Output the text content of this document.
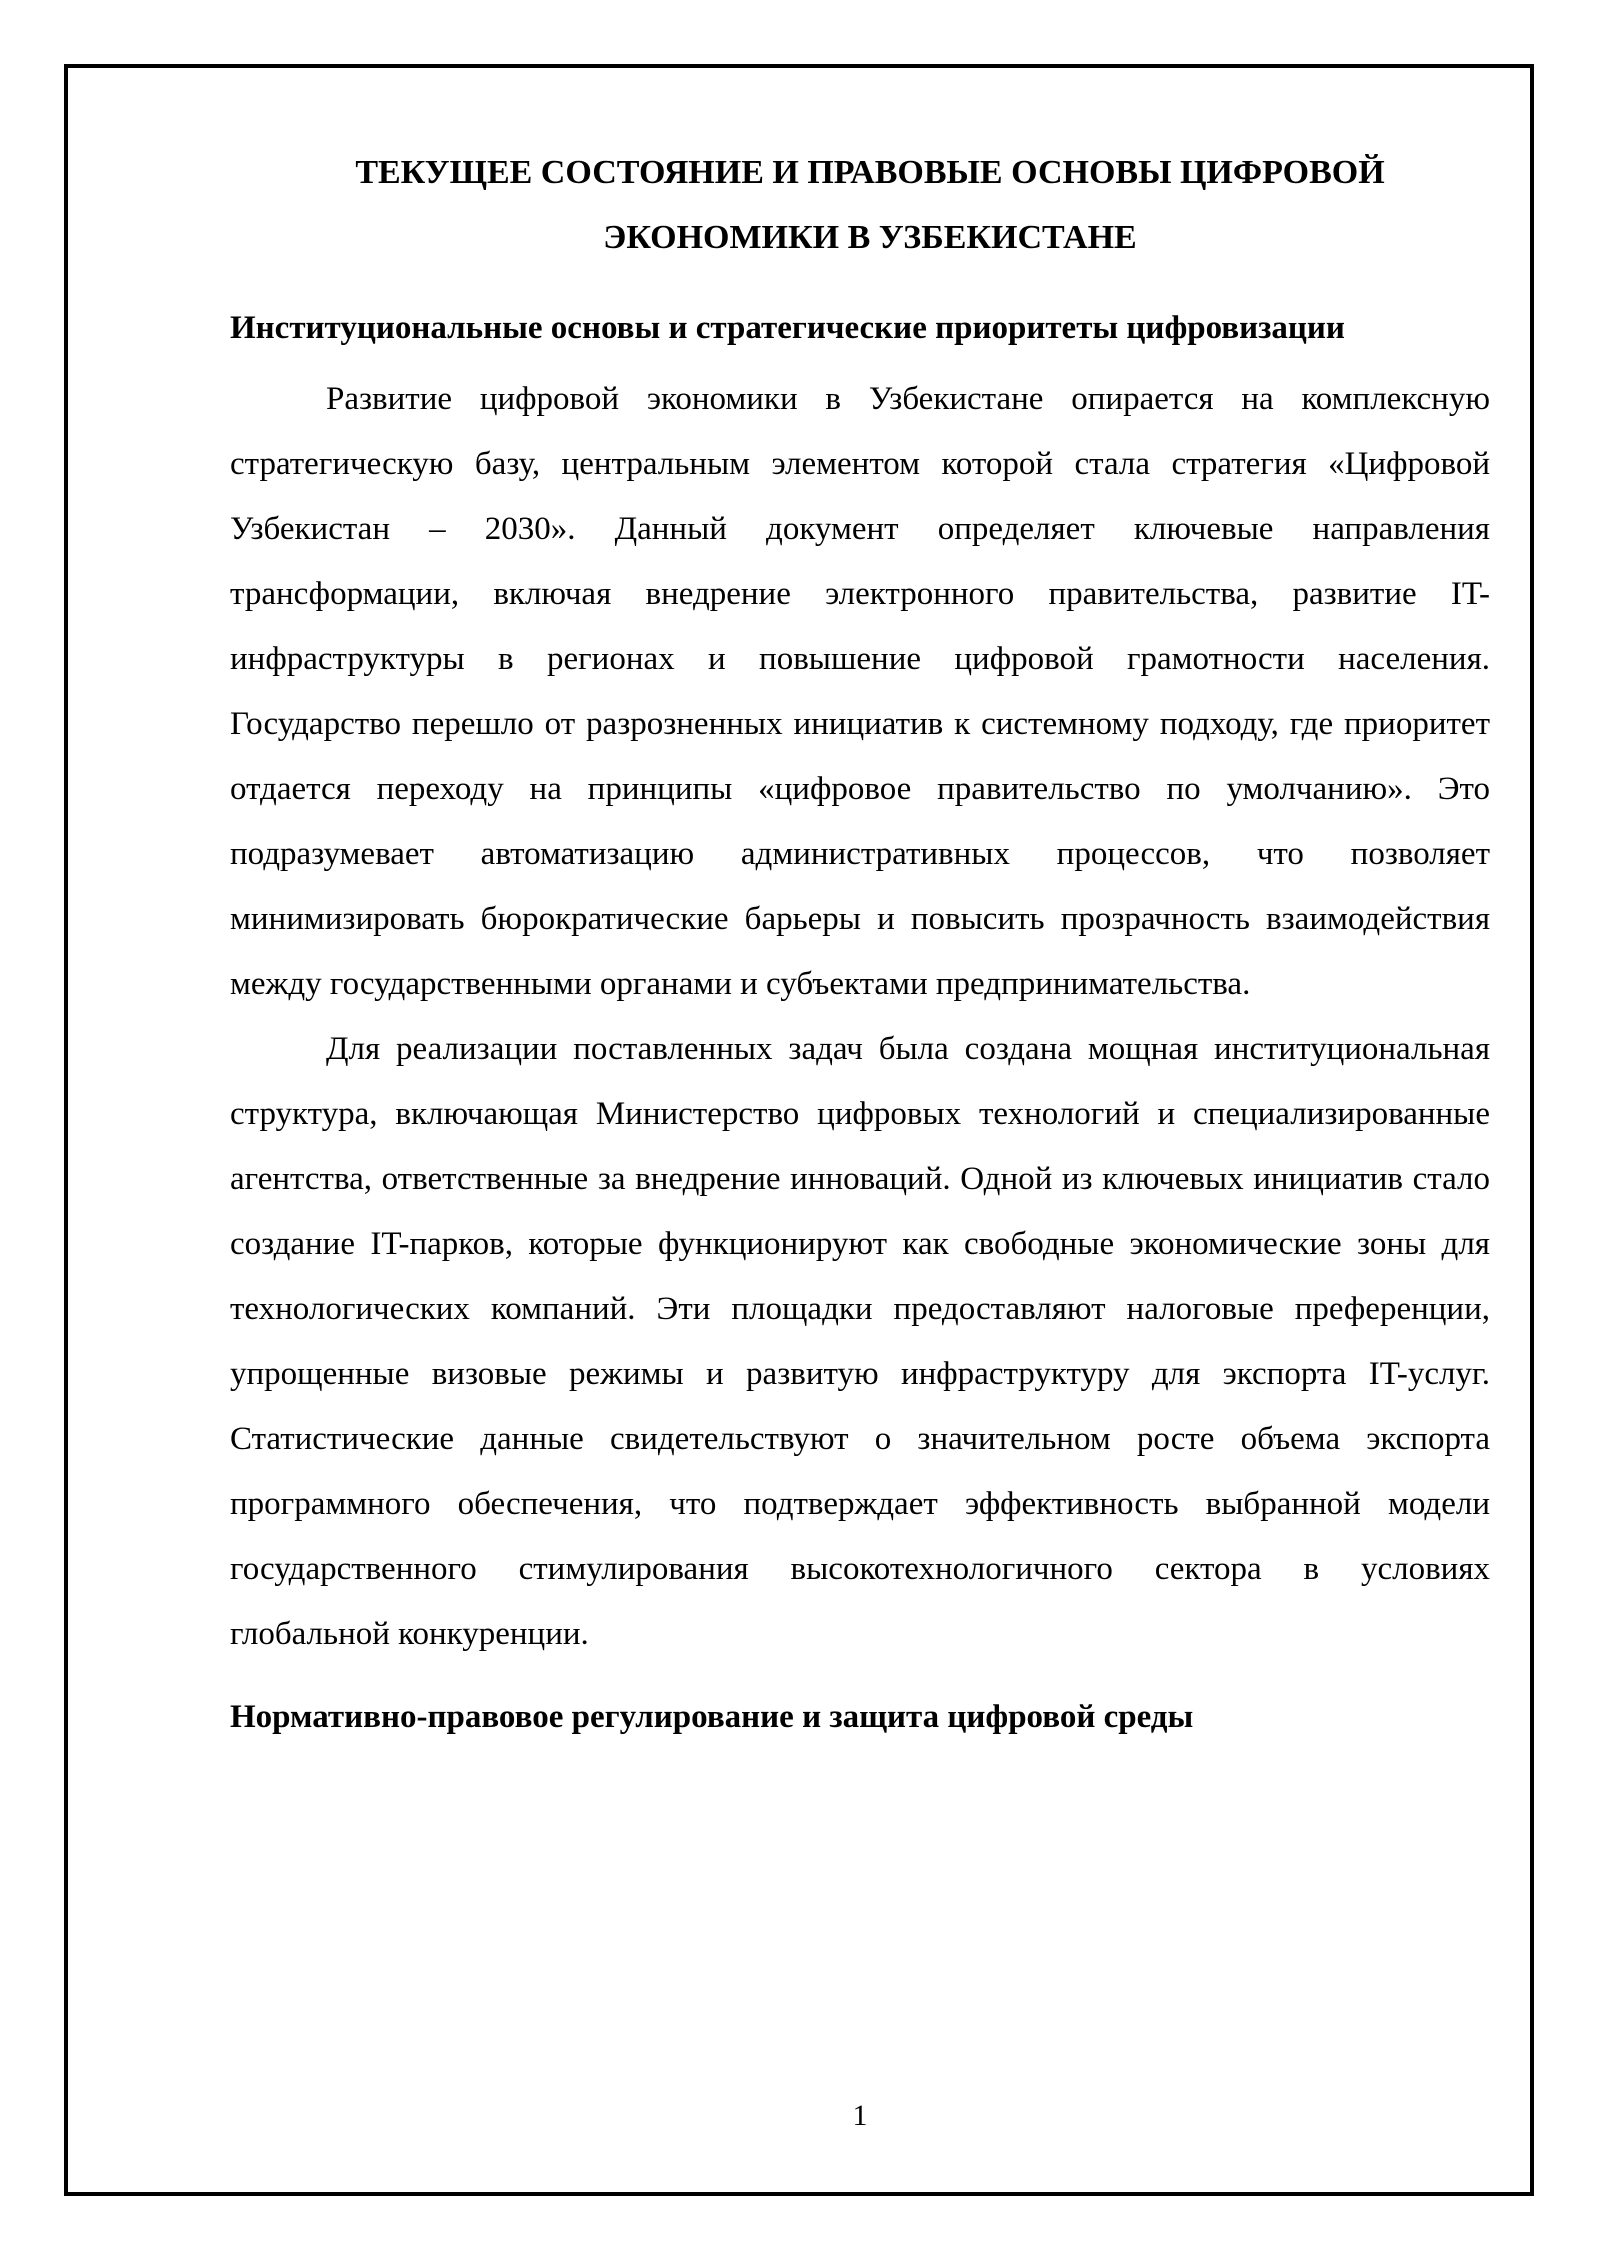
ТЕКУЩЕЕ СОСТОЯНИЕ И ПРАВОВЫЕ ОСНОВЫ ЦИФРОВОЙ ЭКОНОМИКИ В УЗБЕКИСТАНЕ
Институциональные основы и стратегические приоритеты цифровизации

Развитие цифровой экономики в Узбекистане опирается на комплексную стратегическую базу, центральным элементом которой стала стратегия «Цифровой Узбекистан – 2030». Данный документ определяет ключевые направления трансформации, включая внедрение электронного правительства, развитие IT-инфраструктуры в регионах и повышение цифровой грамотности населения. Государство перешло от разрозненных инициатив к системному подходу, где приоритет отдается переходу на принципы «цифровое правительство по умолчанию». Это подразумевает автоматизацию административных процессов, что позволяет минимизировать бюрократические барьеры и повысить прозрачность взаимодействия между государственными органами и субъектами предпринимательства.

Для реализации поставленных задач была создана мощная институциональная структура, включающая Министерство цифровых технологий и специализированные агентства, ответственные за внедрение инноваций. Одной из ключевых инициатив стало создание IT-парков, которые функционируют как свободные экономические зоны для технологических компаний. Эти площадки предоставляют налоговые преференции, упрощенные визовые режимы и развитую инфраструктуру для экспорта IT-услуг. Статистические данные свидетельствуют о значительном росте объема экспорта программного обеспечения, что подтверждает эффективность выбранной модели государственного стимулирования высокотехнологичного сектора в условиях глобальной конкуренции.

Нормативно-правовое регулирование и защита цифровой среды
1
